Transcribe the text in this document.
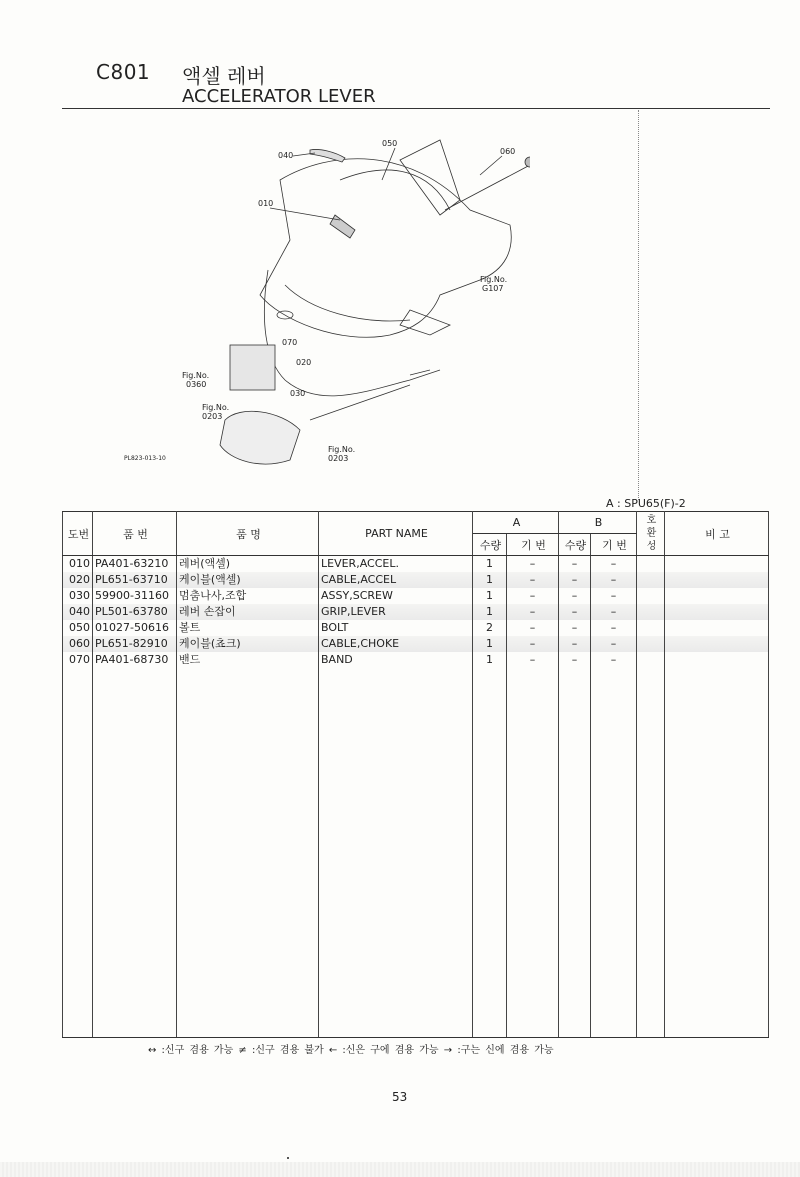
C801 액셀 레버
ACCELERATOR LEVER
040
050
060
010
070
020
030
Fig.No.
G107
Fig.No.
0360
Fig.No.
0203
Fig.No.
0203
PL823-013-10
A : SPU65(F)-2
도번	품 번	품 명	PART NAME	A		B		호
환
성	비 고
				수량	기 번	수량	기 번		
010	PA401-63210	레버(액셀)	LEVER,ACCEL.	1	–	–	–		
020	PL651-63710	케이블(액셀)	CABLE,ACCEL	1	–	–	–		
030	59900-31160	멈춤나사,조합	ASSY,SCREW	1	–	–	–		
040	PL501-63780	레버 손잡이	GRIP,LEVER	1	–	–	–		
050	01027-50616	볼트	BOLT	2	–	–	–		
060	PL651-82910	케이블(쵸크)	CABLE,CHOKE	1	–	–	–		
070	PA401-68730	밴드	BAND	1	–	–	–		

↔ :신구 겸용 가능 ≠ :신구 겸용 불가 ← :신은 구에 겸용 가능 → :구는 신에 겸용 가능
53
